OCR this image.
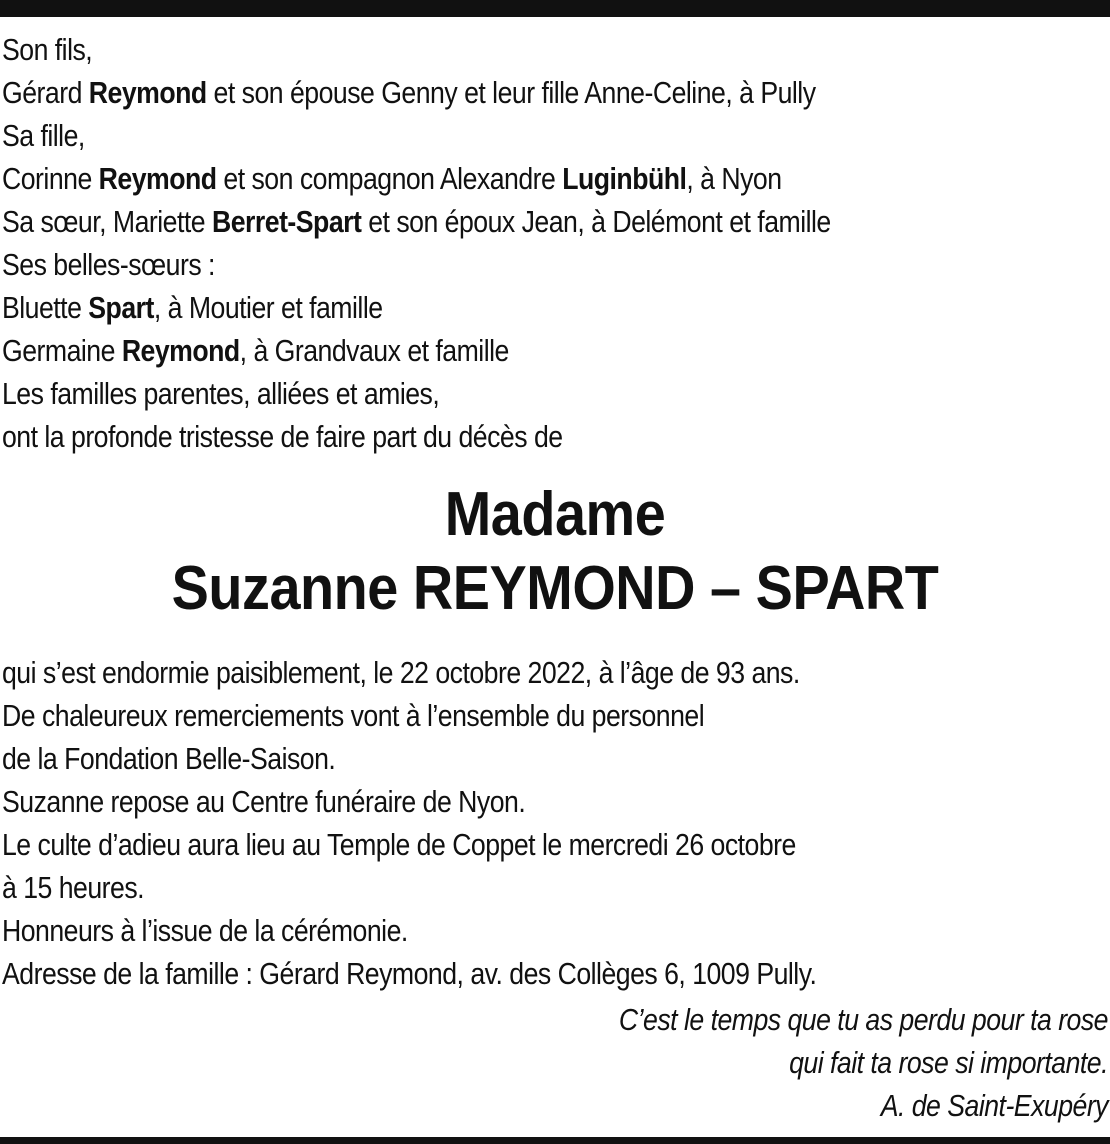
Son fils,
Gérard Reymond et son épouse Genny et leur fille Anne-Celine, à Pully
Sa fille,
Corinne Reymond et son compagnon Alexandre Luginbühl, à Nyon
Sa sœur, Mariette Berret-Spart et son époux Jean, à Delémont et famille
Ses belles-sœurs :
Bluette Spart, à Moutier et famille
Germaine Reymond, à Grandvaux et famille
Les familles parentes, alliées et amies,
ont la profonde tristesse de faire part du décès de
Madame
Suzanne REYMOND – SPART
qui s’est endormie paisiblement, le 22 octobre 2022, à l’âge de 93 ans.
De chaleureux remerciements vont à l’ensemble du personnel
de la Fondation Belle-Saison.
Suzanne repose au Centre funéraire de Nyon.
Le culte d’adieu aura lieu au Temple de Coppet le mercredi 26 octobre
à 15 heures.
Honneurs à l’issue de la cérémonie.
Adresse de la famille : Gérard Reymond, av. des Collèges 6, 1009 Pully.
C’est le temps que tu as perdu pour ta rose
qui fait ta rose si importante.
A. de Saint-Exupéry
